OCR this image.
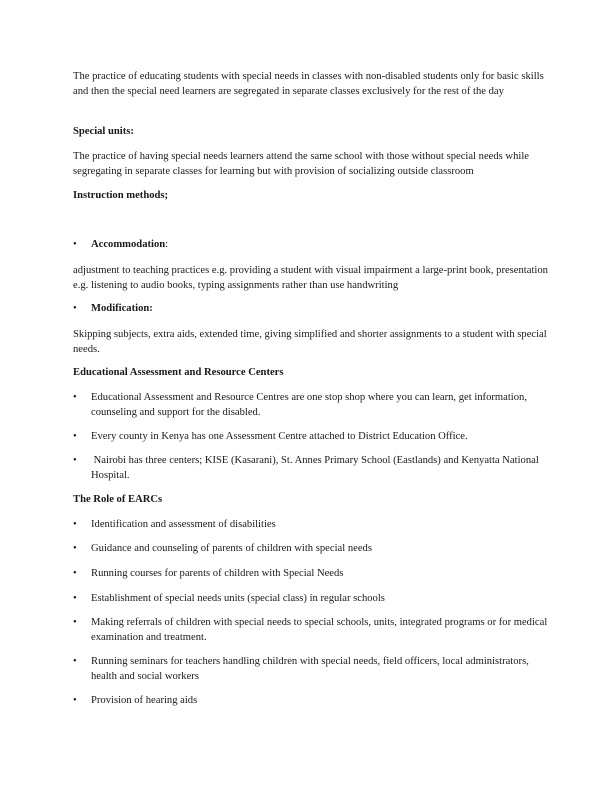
The practice of educating students with special needs in classes with non-disabled students only for basic skills and then the special need learners are segregated in separate classes exclusively for the rest of the day

Special units:

The practice of having special needs learners attend the same school with those without special needs while segregating in separate classes for learning but with provision of socializing outside classroom

Instruction methods;

• Accommodation:

adjustment to teaching practices e.g. providing a student with visual impairment a large-print book, presentation e.g. listening to audio books, typing assignments rather than use handwriting

• Modification:

Skipping subjects, extra aids, extended time, giving simplified and shorter assignments to a student with special needs.

Educational Assessment and Resource Centers

• Educational Assessment and Resource Centres are one stop shop where you can learn, get information, counseling and support for the disabled.
• Every county in Kenya has one Assessment Centre attached to District Education Office.
• Nairobi has three centers; KISE (Kasarani), St. Annes Primary School (Eastlands) and Kenyatta National Hospital.

The Role of EARCs

• Identification and assessment of disabilities
• Guidance and counseling of parents of children with special needs
• Running courses for parents of children with Special Needs
• Establishment of special needs units (special class) in regular schools
• Making referrals of children with special needs to special schools, units, integrated programs or for medical examination and treatment.
• Running seminars for teachers handling children with special needs, field officers, local administrators, health and social workers
• Provision of hearing aids
